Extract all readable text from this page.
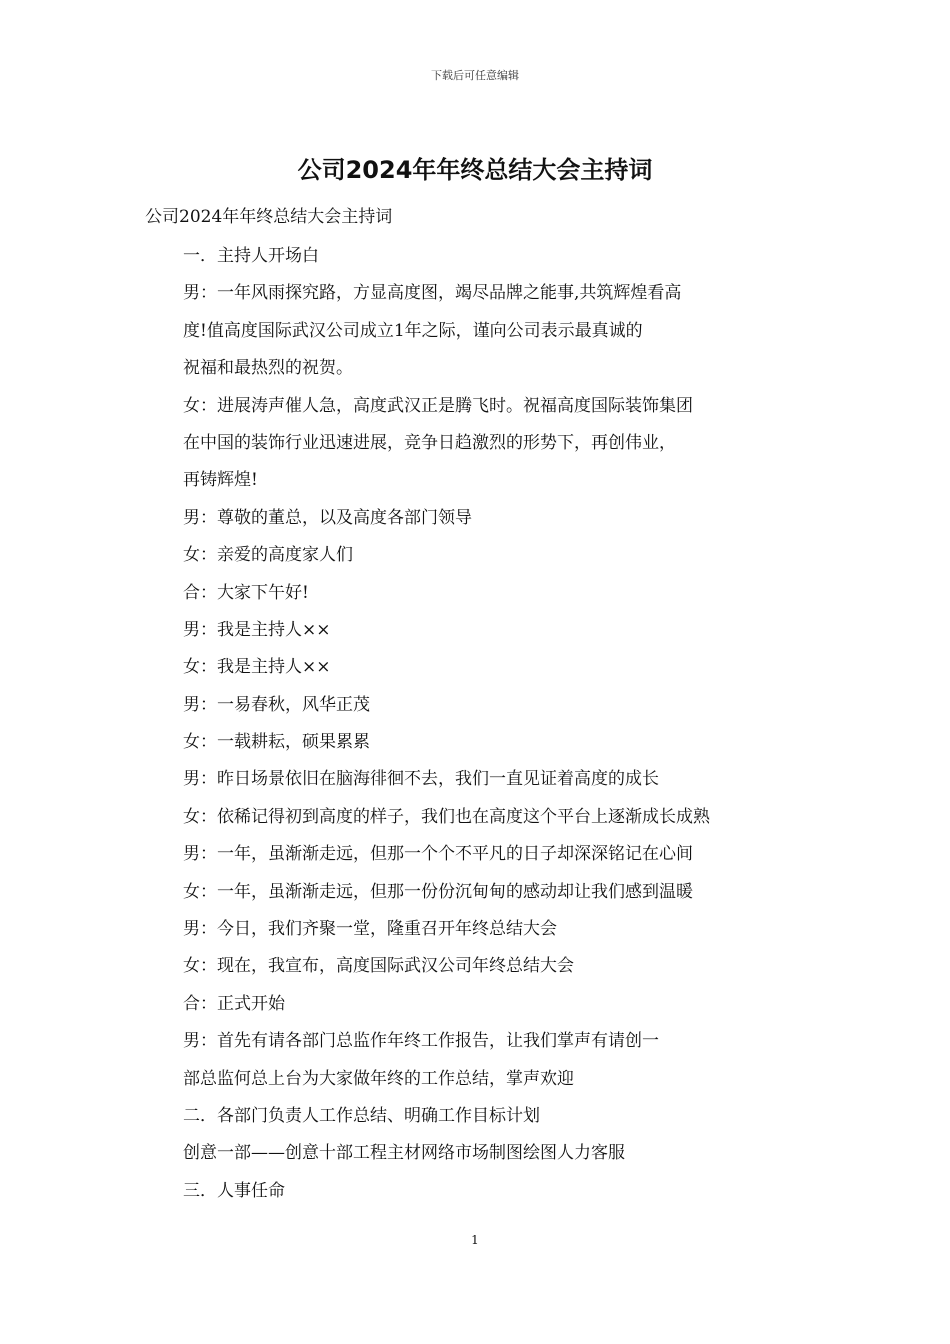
下载后可任意编辑
公司2024年年终总结大会主持词

公司2024年年终总结大会主持词

一．主持人开场白
男：一年风雨探究路，方显高度图，竭尽品牌之能事,共筑辉煌看高
度!值高度国际武汉公司成立1年之际，谨向公司表示最真诚的
祝福和最热烈的祝贺。
女：进展涛声催人急，高度武汉正是腾飞时。祝福高度国际装饰集团
在中国的装饰行业迅速进展，竞争日趋激烈的形势下，再创伟业，
再铸辉煌!
男：尊敬的董总，以及高度各部门领导
女：亲爱的高度家人们
合：大家下午好!
男：我是主持人××
女：我是主持人××
男：一易春秋，风华正茂
女：一载耕耘，硕果累累
男：昨日场景依旧在脑海徘徊不去，我们一直见证着高度的成长
女：依稀记得初到高度的样子，我们也在高度这个平台上逐渐成长成熟
男：一年，虽渐渐走远，但那一个个不平凡的日子却深深铭记在心间
女：一年，虽渐渐走远，但那一份份沉甸甸的感动却让我们感到温暖
男：今日，我们齐聚一堂，隆重召开年终总结大会
女：现在，我宣布，高度国际武汉公司年终总结大会
合：正式开始
男：首先有请各部门总监作年终工作报告，让我们掌声有请创一
部总监何总上台为大家做年终的工作总结，掌声欢迎
二．各部门负责人工作总结、明确工作目标计划
创意一部——创意十部工程主材网络市场制图绘图人力客服
三．人事任命
1
